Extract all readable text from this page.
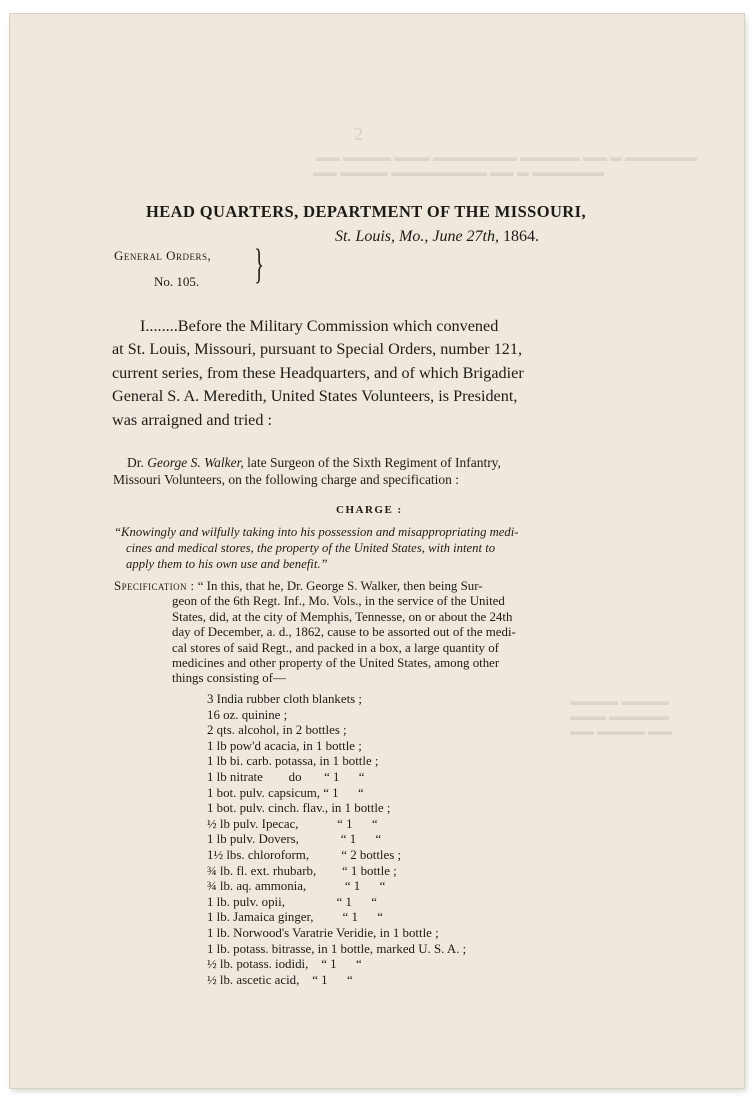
2
▬▬ ▬▬▬▬ ▬▬▬ ▬▬▬▬▬▬▬ ▬▬▬▬▬ ▬▬ ▬ ▬▬▬▬▬▬
▬▬ ▬▬▬▬ ▬▬▬▬▬▬▬▬ ▬▬ ▬ ▬▬▬▬▬▬
▬▬▬▬ ▬▬▬▬
▬▬▬ ▬▬▬▬▬
▬▬ ▬▬▬▬ ▬▬
HEAD QUARTERS, DEPARTMENT OF THE MISSOURI,
St. Louis, Mo., June 27th, 1864.
General Orders,
No. 105. }
I........Before the Military Commission which convened
at St. Louis, Missouri, pursuant to Special Orders, number 121,
current series, from these Headquarters, and of which Brigadier
General S. A. Meredith, United States Volunteers, is President,
was arraigned and tried :
Dr. George S. Walker, late Surgeon of the Sixth Regiment of Infantry,
Missouri Volunteers, on the following charge and specification :
CHARGE :
“Knowingly and wilfully taking into his possession and misappropriating medi-
cines and medical stores, the property of the United States, with intent to
apply them to his own use and benefit.”
Specification : “ In this, that he, Dr. George S. Walker, then being Sur-
geon of the 6th Regt. Inf., Mo. Vols., in the service of the United
States, did, at the city of Memphis, Tennesse, on or about the 24th
day of December, a. d., 1862, cause to be assorted out of the medi-
cal stores of said Regt., and packed in a box, a large quantity of
medicines and other property of the United States, among other
things consisting of—
3 India rubber cloth blankets ;
16 oz. quinine ;
2 qts. alcohol, in 2 bottles ;
1 lb pow'd acacia, in 1 bottle ;
1 lb bi. carb. potassa, in 1 bottle ;
1 lb nitrate        do       “ 1      “
1 bot. pulv. capsicum, “ 1      “
1 bot. pulv. cinch. flav., in 1 bottle ;
½ lb pulv. Ipecac,            “ 1      “
1 lb pulv. Dovers,             “ 1      “
1½ lbs. chloroform,          “ 2 bottles ;
¾ lb. fl. ext. rhubarb,        “ 1 bottle ;
¾ lb. aq. ammonia,            “ 1      “
1 lb. pulv. opii,                “ 1      “
1 lb. Jamaica ginger,         “ 1      “
1 lb. Norwood's Varatrie Veridie, in 1 bottle ;
1 lb. potass. bitrasse, in 1 bottle, marked U. S. A. ;
½ lb. potass. iodidi,    “ 1      “
½ lb. ascetic acid,    “ 1      “
